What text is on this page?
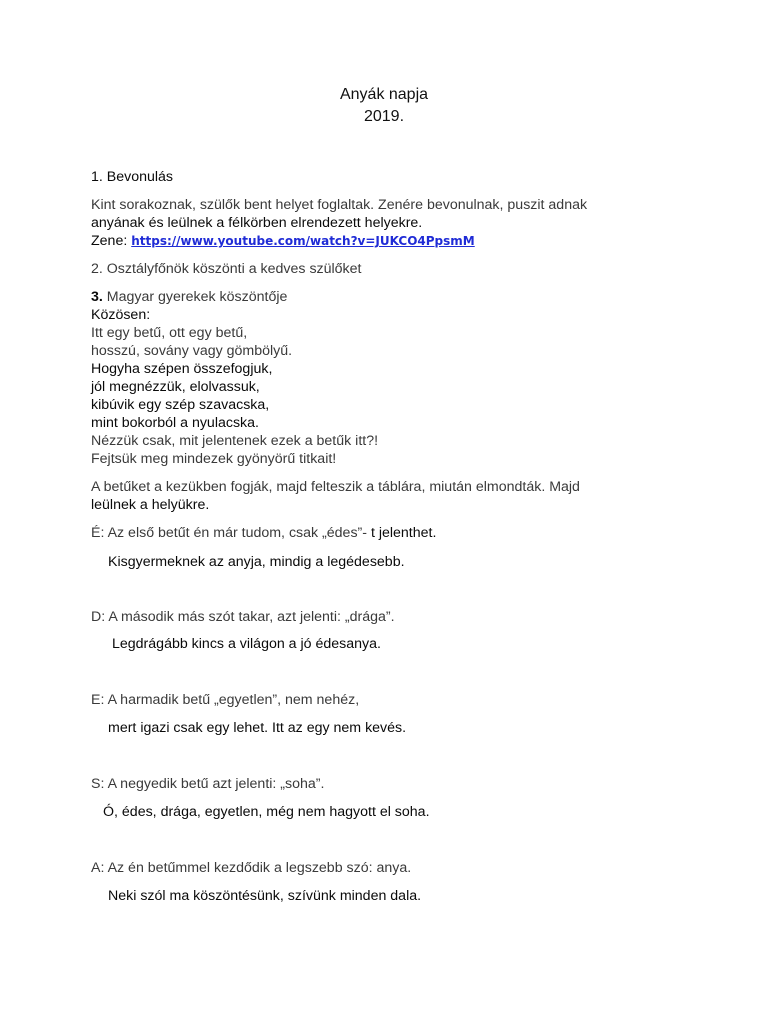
Anyák napja
2019.
1. Bevonulás
Kint sorakoznak, szülők bent helyet foglaltak. Zenére bevonulnak, puszit adnak
anyának és leülnek a félkörben elrendezett helyekre.
Zene: https://www.youtube.com/watch?v=JUKCO4PpsmM
2. Osztályfőnök köszönti a kedves szülőket
3. Magyar gyerekek köszöntője
Közösen:
Itt egy betű, ott egy betű,
hosszú, sovány vagy gömbölyű.
Hogyha szépen összefogjuk,
jól megnézzük, elolvassuk,
kibúvik egy szép szavacska,
mint bokorból a nyulacska.
Nézzük csak, mit jelentenek ezek a betűk itt?!
Fejtsük meg mindezek gyönyörű titkait!
A betűket a kezükben fogják, majd felteszik a táblára, miután elmondták. Majd
leülnek a helyükre.
É: Az első betűt én már tudom, csak „édes”- t jelenthet.
Kisgyermeknek az anyja, mindig a legédesebb.
D: A második más szót takar, azt jelenti: „drága”.
Legdrágább kincs a világon a jó édesanya.
E: A harmadik betű „egyetlen”, nem nehéz,
mert igazi csak egy lehet. Itt az egy nem kevés.
S: A negyedik betű azt jelenti: „soha”.
Ó, édes, drága, egyetlen, még nem hagyott el soha.
A: Az én betűmmel kezdődik a legszebb szó: anya.
Neki szól ma köszöntésünk, szívünk minden dala.
